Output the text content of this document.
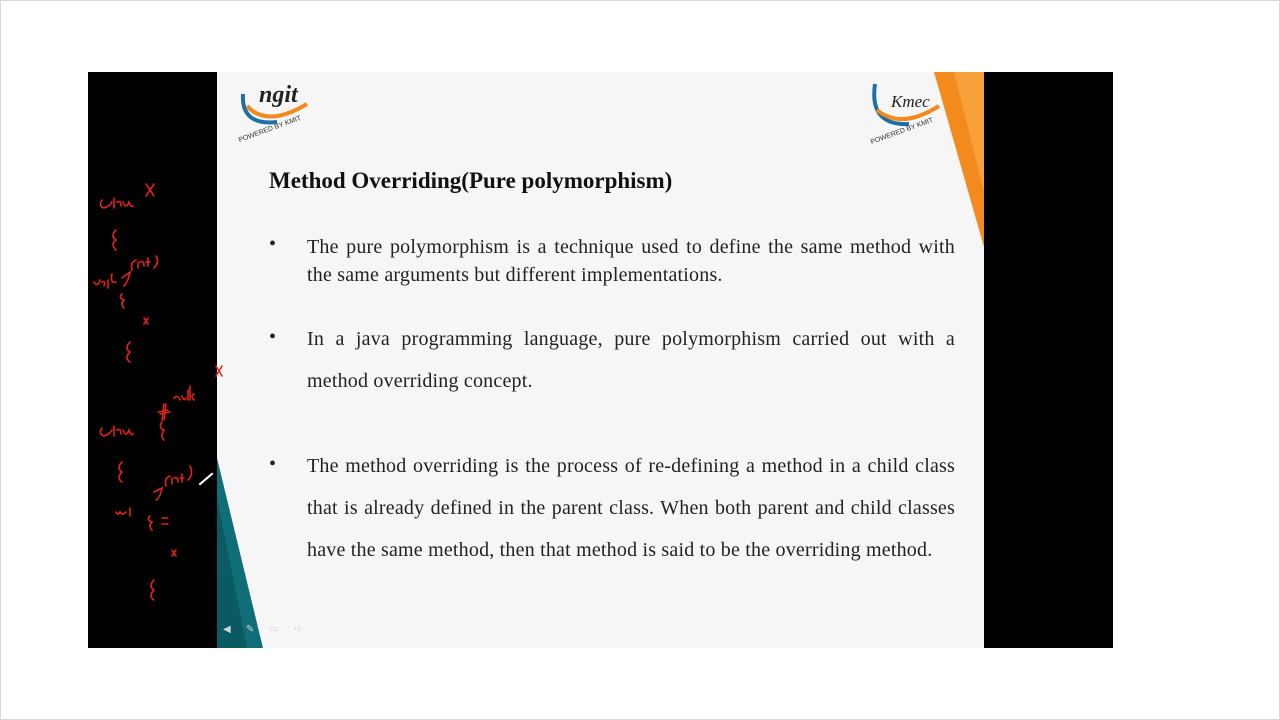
ngit
POWERED BY KMIT
Kmec
POWERED BY KMIT
Method Overriding(Pure polymorphism)
• The pure polymorphism is a technique used to define the same method with the same arguments but different implementations.
• In a java programming language, pure polymorphism carried out with a method overriding concept.
• The method overriding is the process of re-defining a method in a child class that is already defined in the parent class. When both parent and child classes have the same method, then that method is said to be the overriding method.
◀ ✎ ▭ ➪
